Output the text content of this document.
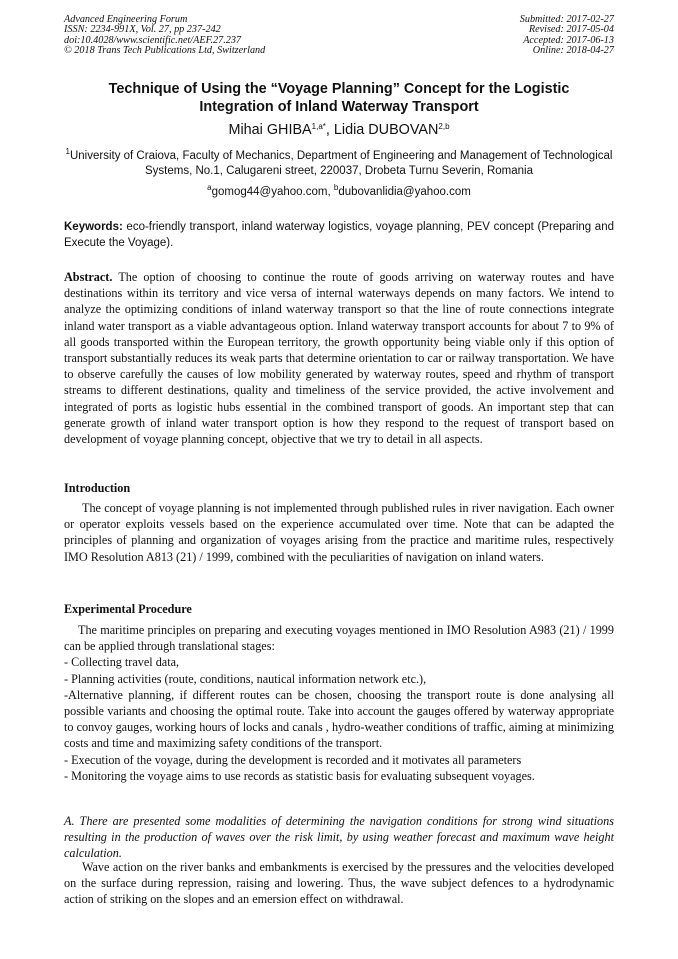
Advanced Engineering Forum
ISSN: 2234-991X, Vol. 27, pp 237-242
doi:10.4028/www.scientific.net/AEF.27.237
© 2018 Trans Tech Publications Ltd, Switzerland
Submitted: 2017-02-27
Revised: 2017-05-04
Accepted: 2017-06-13
Online: 2018-04-27
Technique of Using the “Voyage Planning” Concept for the Logistic
Integration of Inland Waterway Transport
Mihai $GHIBA^{1,a*}$, Lidia DUBOVAN$^{2,b}$
$^1$University of Craiova, Faculty of Mechanics, Department of Engineering and Management of Technological Systems, No.1, Calugareni street, 220037, Drobeta Turnu Severin, Romania
$^a$gomog44@yahoo.com, $^b$dubovanlidia@yahoo.com
Keywords: eco-friendly transport, inland waterway logistics, voyage planning, PEV concept (Preparing and Execute the Voyage).
Abstract. The option of choosing to continue the route of goods arriving on waterway routes and have destinations within its territory and vice versa of internal waterways depends on many factors. We intend to analyze the optimizing conditions of inland waterway transport so that the line of route connections integrate inland water transport as a viable advantageous option. Inland waterway transport accounts for about 7 to 9% of all goods transported within the European territory, the growth opportunity being viable only if this option of transport substantially reduces its weak parts that determine orientation to car or railway transportation. We have to observe carefully the causes of low mobility generated by waterway routes, speed and rhythm of transport streams to different destinations, quality and timeliness of the service provided, the active involvement and integrated of ports as logistic hubs essential in the combined transport of goods. An important step that can generate growth of inland water transport option is how they respond to the request of transport based on development of voyage planning concept, objective that we try to detail in all aspects.
Introduction

The concept of voyage planning is not implemented through published rules in river navigation. Each owner or operator exploits vessels based on the experience accumulated over time. Note that can be adapted the principles of planning and organization of voyages arising from the practice and maritime rules, respectively IMO Resolution A813 (21) / 1999, combined with the peculiarities of navigation on inland waters.

Experimental Procedure

The maritime principles on preparing and executing voyages mentioned in IMO Resolution A983 (21) / 1999 can be applied through translational stages:

- Collecting travel data,

- Planning activities (route, conditions, nautical information network etc.),

-Alternative planning, if different routes can be chosen, choosing the transport route is done analysing all possible variants and choosing the optimal route. Take into account the gauges offered by waterway appropriate to convoy gauges, working hours of locks and canals , hydro-weather conditions of traffic, aiming at minimizing costs and time and maximizing safety conditions of the transport.

- Execution of the voyage, during the development is recorded and it motivates all parameters

- Monitoring the voyage aims to use records as statistic basis for evaluating subsequent voyages.

A. There are presented some modalities of determining the navigation conditions for strong wind situations resulting in the production of waves over the risk limit, by using weather forecast and maximum wave height calculation.

Wave action on the river banks and embankments is exercised by the pressures and the velocities developed on the surface during repression, raising and lowering. Thus, the wave subject defences to a hydrodynamic action of striking on the slopes and an emersion effect on withdrawal.
